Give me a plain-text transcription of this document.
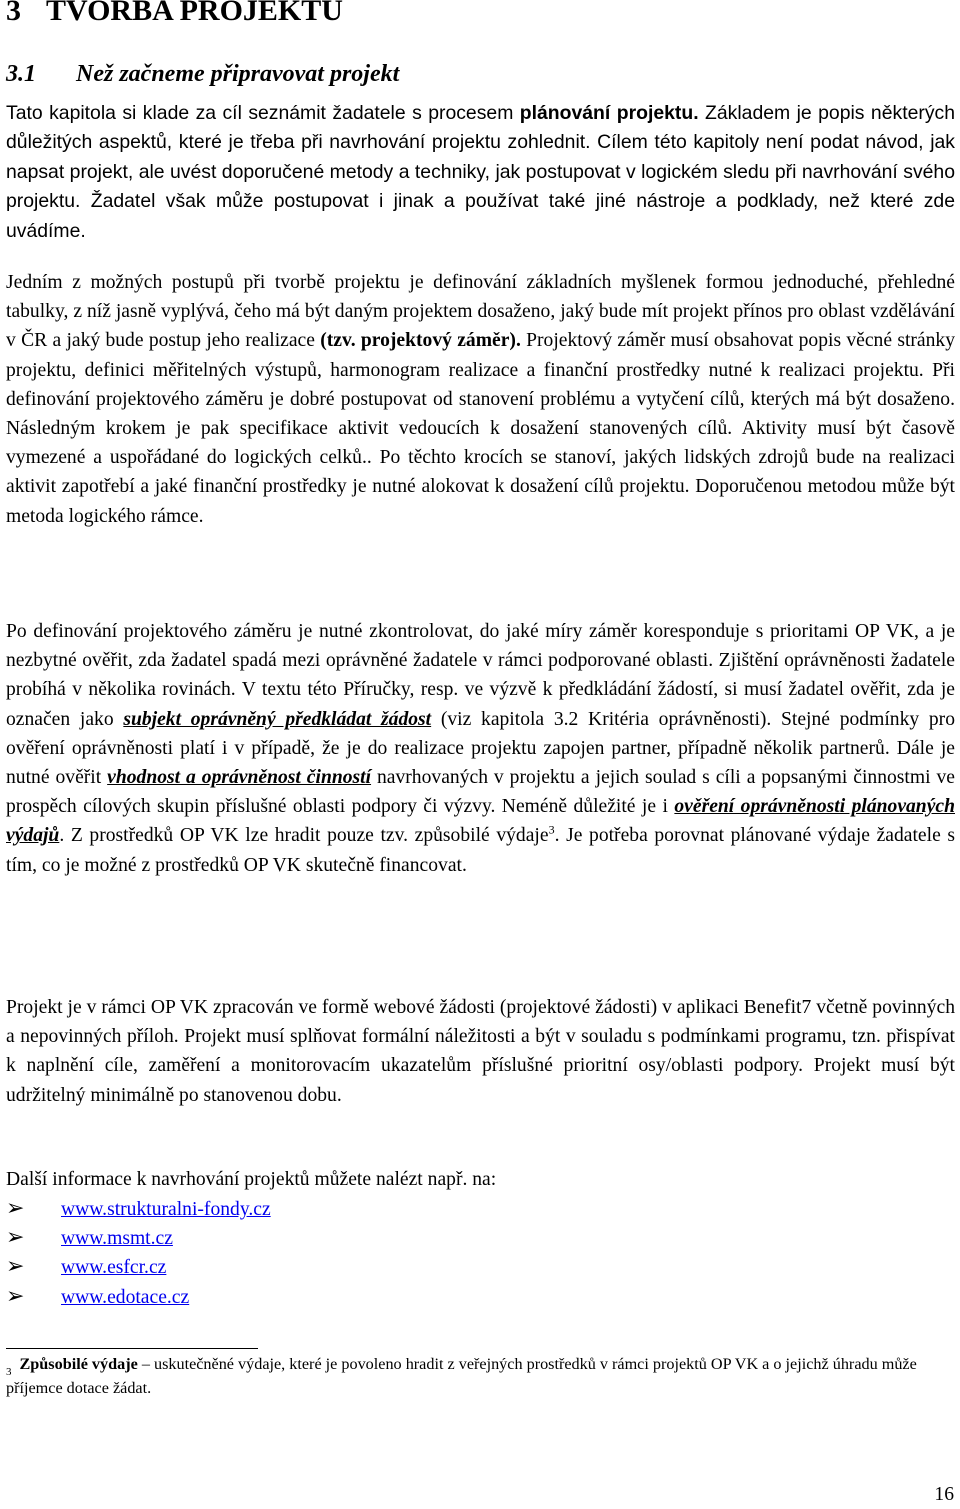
3 TVORBA PROJEKTU
3.1 Než začneme připravovat projekt

Tato kapitola si klade za cíl seznámit žadatele s procesem plánování projektu. Základem je popis některých důležitých aspektů, které je třeba při navrhování projektu zohlednit. Cílem této kapitoly není podat návod, jak napsat projekt, ale uvést doporučené metody a techniky, jak postupovat v logickém sledu při navrhování svého projektu. Žadatel však může postupovat i jinak a používat také jiné nástroje a podklady, než které zde uvádíme.

Jedním z možných postupů při tvorbě projektu je definování základních myšlenek formou jednoduché, přehledné tabulky, z níž jasně vyplývá, čeho má být daným projektem dosaženo, jaký bude mít projekt přínos pro oblast vzdělávání v ČR a jaký bude postup jeho realizace (tzv. projektový záměr). Projektový záměr musí obsahovat popis věcné stránky projektu, definici měřitelných výstupů, harmonogram realizace a finanční prostředky nutné k realizaci projektu. Při definování projektového záměru je dobré postupovat od stanovení problému a vytyčení cílů, kterých má být dosaženo. Následným krokem je pak specifikace aktivit vedoucích k dosažení stanovených cílů. Aktivity musí být časově vymezené a uspořádané do logických celků.. Po těchto krocích se stanoví, jakých lidských zdrojů bude na realizaci aktivit zapotřebí a jaké finanční prostředky je nutné alokovat k dosažení cílů projektu. Doporučenou metodou může být metoda logického rámce.

Po definování projektového záměru je nutné zkontrolovat, do jaké míry záměr koresponduje s prioritami OP VK, a je nezbytné ověřit, zda žadatel spadá mezi oprávněné žadatele v rámci podporované oblasti. Zjištění oprávněnosti žadatele probíhá v několika rovinách. V textu této Příručky, resp. ve výzvě k předkládání žádostí, si musí žadatel ověřit, zda je označen jako subjekt oprávněný předkládat žádost (viz kapitola 3.2 Kritéria oprávněnosti). Stejné podmínky pro ověření oprávněnosti platí i v případě, že je do realizace projektu zapojen partner, případně několik partnerů. Dále je nutné ověřit vhodnost a oprávněnost činností navrhovaných v projektu a jejich soulad s cíli a popsanými činnostmi ve prospěch cílových skupin příslušné oblasti podpory či výzvy. Neméně důležité je i ověření oprávněnosti plánovaných výdajů. Z prostředků OP VK lze hradit pouze tzv. způsobilé výdaje$^3$. Je potřeba porovnat plánované výdaje žadatele s tím, co je možné z prostředků OP VK skutečně financovat.

Projekt je v rámci OP VK zpracován ve formě webové žádosti (projektové žádosti) v aplikaci Benefit7 včetně povinných a nepovinných příloh. Projekt musí splňovat formální náležitosti a být v souladu s podmínkami programu, tzn. přispívat k naplnění cíle, zaměření a monitorovacím ukazatelům příslušné prioritní osy/oblasti podpory. Projekt musí být udržitelný minimálně po stanovenou dobu.

Další informace k navrhování projektů můžete nalézt např. na:

➢ www.strukturalni-fondy.cz
➢ www.msmt.cz
➢ www.esfcr.cz
➢ www.edotace.cz

$^3$ Způsobilé výdaje – uskutečněné výdaje, které je povoleno hradit z veřejných prostředků v rámci projektů OP VK a o jejichž úhradu může příjemce dotace žádat.

16
